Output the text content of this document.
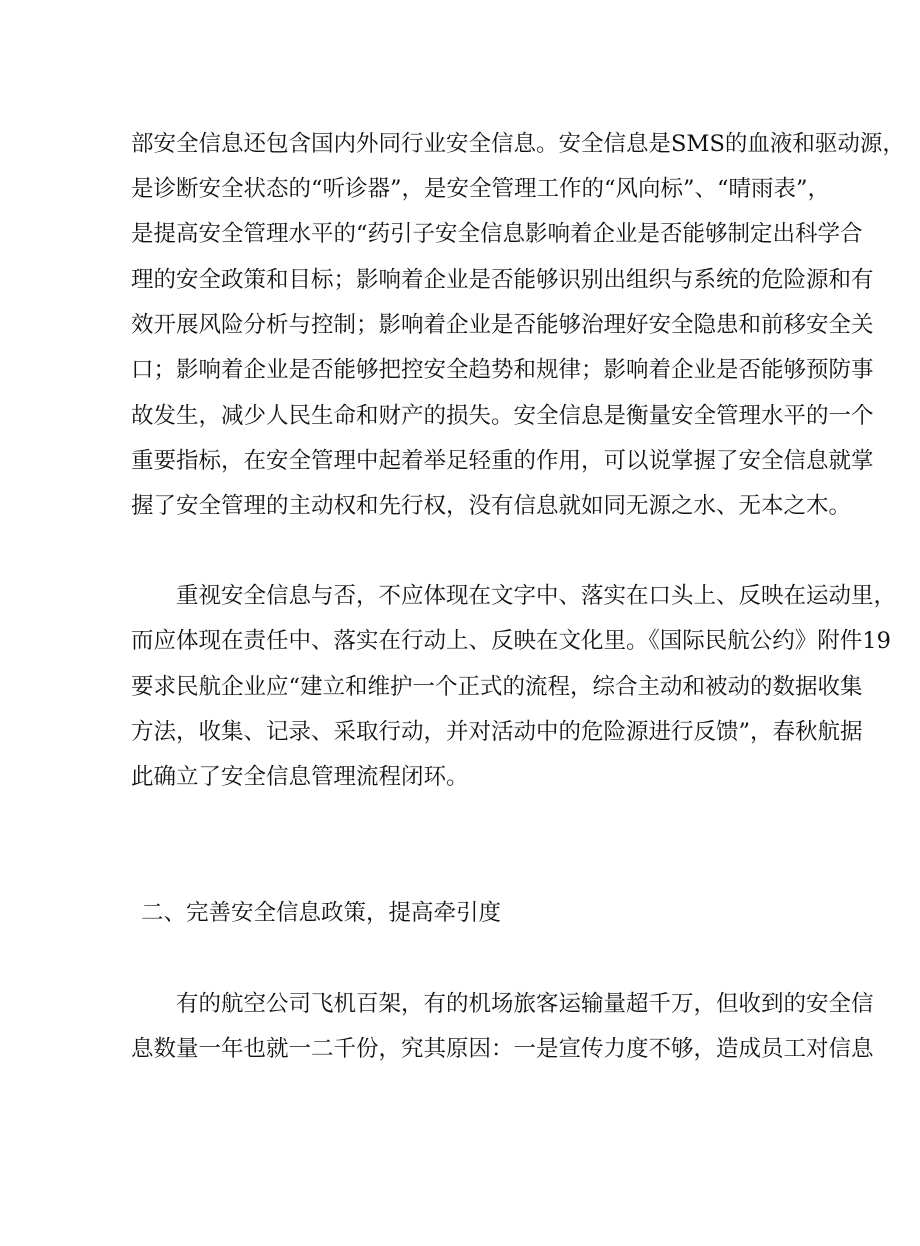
部安全信息还包含国内外同行业安全信息。安全信息是SMS的血液和驱动源，
是诊断安全状态的“听诊器”，是安全管理工作的“风向标”、“晴雨表”，
是提高安全管理水平的“药引子安全信息影响着企业是否能够制定出科学合
理的安全政策和目标；影响着企业是否能够识别出组织与系统的危险源和有
效开展风险分析与控制；影响着企业是否能够治理好安全隐患和前移安全关
口；影响着企业是否能够把控安全趋势和规律；影响着企业是否能够预防事
故发生，减少人民生命和财产的损失。安全信息是衡量安全管理水平的一个
重要指标，在安全管理中起着举足轻重的作用，可以说掌握了安全信息就掌
握了安全管理的主动权和先行权，没有信息就如同无源之水、无本之木。
重视安全信息与否，不应体现在文字中、落实在口头上、反映在运动里，
而应体现在责任中、落实在行动上、反映在文化里。《国际民航公约》附件19
要求民航企业应“建立和维护一个正式的流程，综合主动和被动的数据收集
方法，收集、记录、采取行动，并对活动中的危险源进行反馈”，春秋航据
此确立了安全信息管理流程闭环。
二、完善安全信息政策，提高牵引度
有的航空公司飞机百架，有的机场旅客运输量超千万，但收到的安全信
息数量一年也就一二千份，究其原因：一是宣传力度不够，造成员工对信息
